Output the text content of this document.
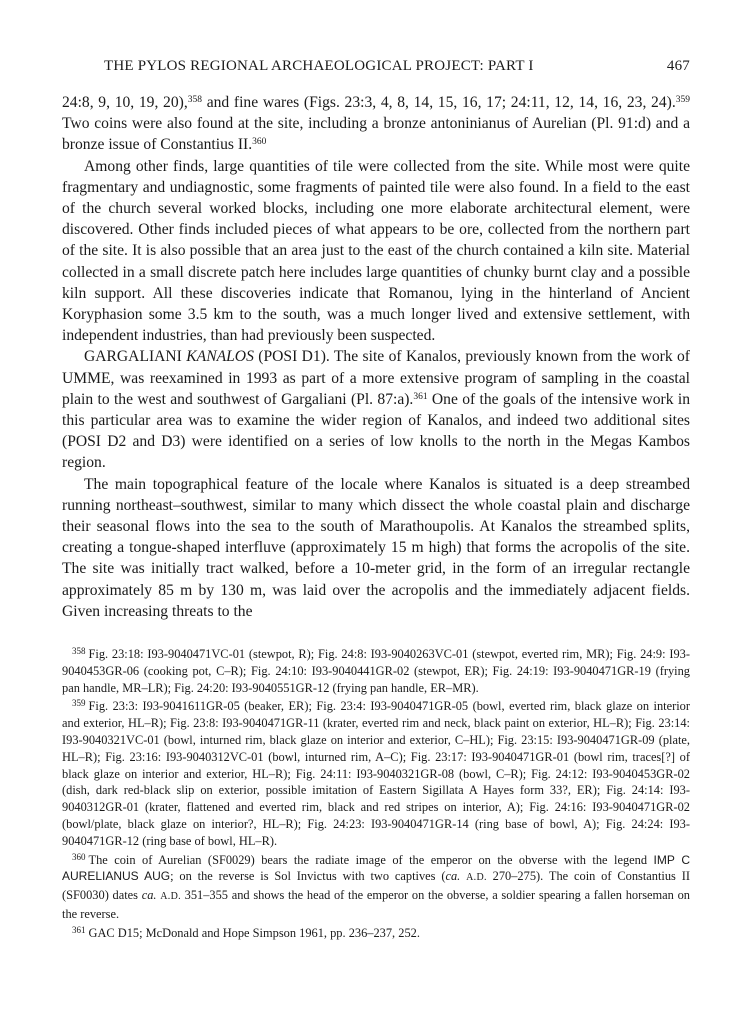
THE PYLOS REGIONAL ARCHAEOLOGICAL PROJECT: PART I	467

24:8, 9, 10, 19, 20),$^{358}$ and fine wares (Figs. 23:3, 4, 8, 14, 15, 16, 17; 24:11, 12, 14, 16, 23, 24).$^{359}$ Two coins were also found at the site, including a bronze antoninianus of Aurelian (Pl. 91:d) and a bronze issue of Constantius II.$^{360}$

Among other finds, large quantities of tile were collected from the site. While most were quite fragmentary and undiagnostic, some fragments of painted tile were also found. In a field to the east of the church several worked blocks, including one more elaborate architectural element, were discovered. Other finds included pieces of what appears to be ore, collected from the northern part of the site. It is also possible that an area just to the east of the church contained a kiln site. Material collected in a small discrete patch here includes large quantities of chunky burnt clay and a possible kiln support. All these discoveries indicate that Romanou, lying in the hinterland of Ancient Koryphasion some 3.5 km to the south, was a much longer lived and extensive settlement, with independent industries, than had previously been suspected.

GARGALIANI KANALOS (POSI D1). The site of Kanalos, previously known from the work of UMME, was reexamined in 1993 as part of a more extensive program of sampling in the coastal plain to the west and southwest of Gargaliani (Pl. 87:a).$^{361}$ One of the goals of the intensive work in this particular area was to examine the wider region of Kanalos, and indeed two additional sites (POSI D2 and D3) were identified on a series of low knolls to the north in the Megas Kambos region.

The main topographical feature of the locale where Kanalos is situated is a deep streambed running northeast–southwest, similar to many which dissect the whole coastal plain and discharge their seasonal flows into the sea to the south of Marathoupolis. At Kanalos the streambed splits, creating a tongue-shaped interfluve (approximately 15 m high) that forms the acropolis of the site. The site was initially tract walked, before a 10-meter grid, in the form of an irregular rectangle approximately 85 m by 130 m, was laid over the acropolis and the immediately adjacent fields. Given increasing threats to the

$^{358}$ Fig. 23:18: I93-9040471VC-01 (stewpot, R); Fig. 24:8: I93-9040263VC-01 (stewpot, everted rim, MR); Fig. 24:9: I93-9040453GR-06 (cooking pot, C–R); Fig. 24:10: I93-9040441GR-02 (stewpot, ER); Fig. 24:19: I93-9040471GR-19 (frying pan handle, MR–LR); Fig. 24:20: I93-9040551GR-12 (frying pan handle, ER–MR).

$^{359}$ Fig. 23:3: I93-9041611GR-05 (beaker, ER); Fig. 23:4: I93-9040471GR-05 (bowl, everted rim, black glaze on interior and exterior, HL–R); Fig. 23:8: I93-9040471GR-11 (krater, everted rim and neck, black paint on exterior, HL–R); Fig. 23:14: I93-9040321VC-01 (bowl, inturned rim, black glaze on interior and exterior, C–HL); Fig. 23:15: I93-9040471GR-09 (plate, HL–R); Fig. 23:16: I93-9040312VC-01 (bowl, inturned rim, A–C); Fig. 23:17: I93-9040471GR-01 (bowl rim, traces[?] of black glaze on interior and exterior, HL–R); Fig. 24:11: I93-9040321GR-08 (bowl, C–R); Fig. 24:12: I93-9040453GR-02 (dish, dark red-black slip on exterior, possible imitation of Eastern Sigillata A Hayes form 33?, ER); Fig. 24:14: I93-9040312GR-01 (krater, flattened and everted rim, black and red stripes on interior, A); Fig. 24:16: I93-9040471GR-02 (bowl/plate, black glaze on interior?, HL–R); Fig. 24:23: I93-9040471GR-14 (ring base of bowl, A); Fig. 24:24: I93-9040471GR-12 (ring base of bowl, HL–R).

$^{360}$ The coin of Aurelian (SF0029) bears the radiate image of the emperor on the obverse with the legend IMP C AURELIANUS AUG; on the reverse is Sol Invictus with two captives (ca. A.D. 270–275). The coin of Constantius II (SF0030) dates ca. A.D. 351–355 and shows the head of the emperor on the obverse, a soldier spearing a fallen horseman on the reverse.

$^{361}$ GAC D15; McDonald and Hope Simpson 1961, pp. 236–237, 252.
